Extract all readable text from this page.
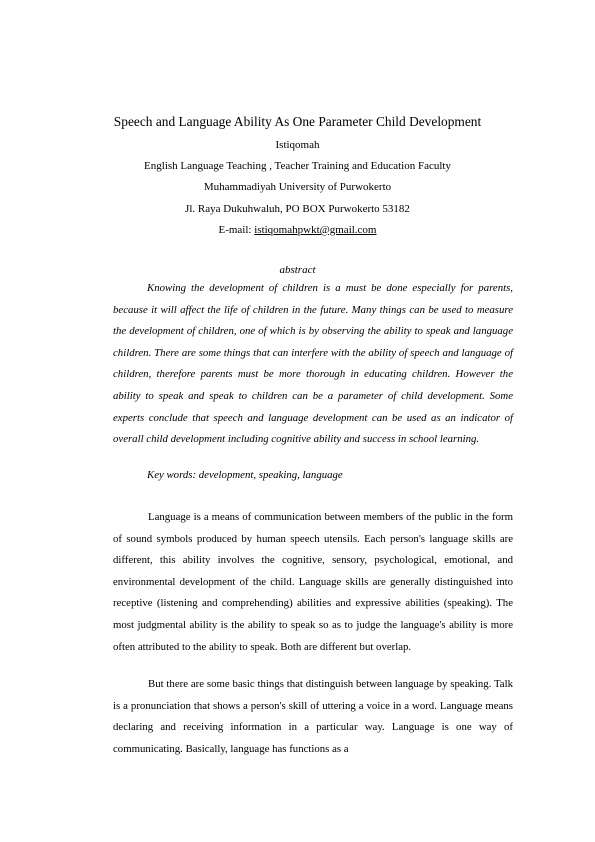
Speech and Language Ability As One Parameter Child Development
Istiqomah
English Language Teaching , Teacher Training and Education Faculty
Muhammadiyah University of Purwokerto
Jl. Raya Dukuhwaluh, PO BOX Purwokerto 53182
E-mail: istiqomahpwkt@gmail.com
abstract

Knowing the development of children is a must be done especially for parents, because it will affect the life of children in the future. Many things can be used to measure the development of children, one of which is by observing the ability to speak and language children. There are some things that can interfere with the ability of speech and language of children, therefore parents must be more thorough in educating children. However the ability to speak and speak to children can be a parameter of child development. Some experts conclude that speech and language development can be used as an indicator of overall child development including cognitive ability and success in school learning.

Key words: development, speaking, language

Language is a means of communication between members of the public in the form of sound symbols produced by human speech utensils. Each person's language skills are different, this ability involves the cognitive, sensory, psychological, emotional, and environmental development of the child. Language skills are generally distinguished into receptive (listening and comprehending) abilities and expressive abilities (speaking). The most judgmental ability is the ability to speak so as to judge the language's ability is more often attributed to the ability to speak. Both are different but overlap.

But there are some basic things that distinguish between language by speaking. Talk is a pronunciation that shows a person's skill of uttering a voice in a word. Language means declaring and receiving information in a particular way. Language is one way of communicating. Basically, language has functions as a
